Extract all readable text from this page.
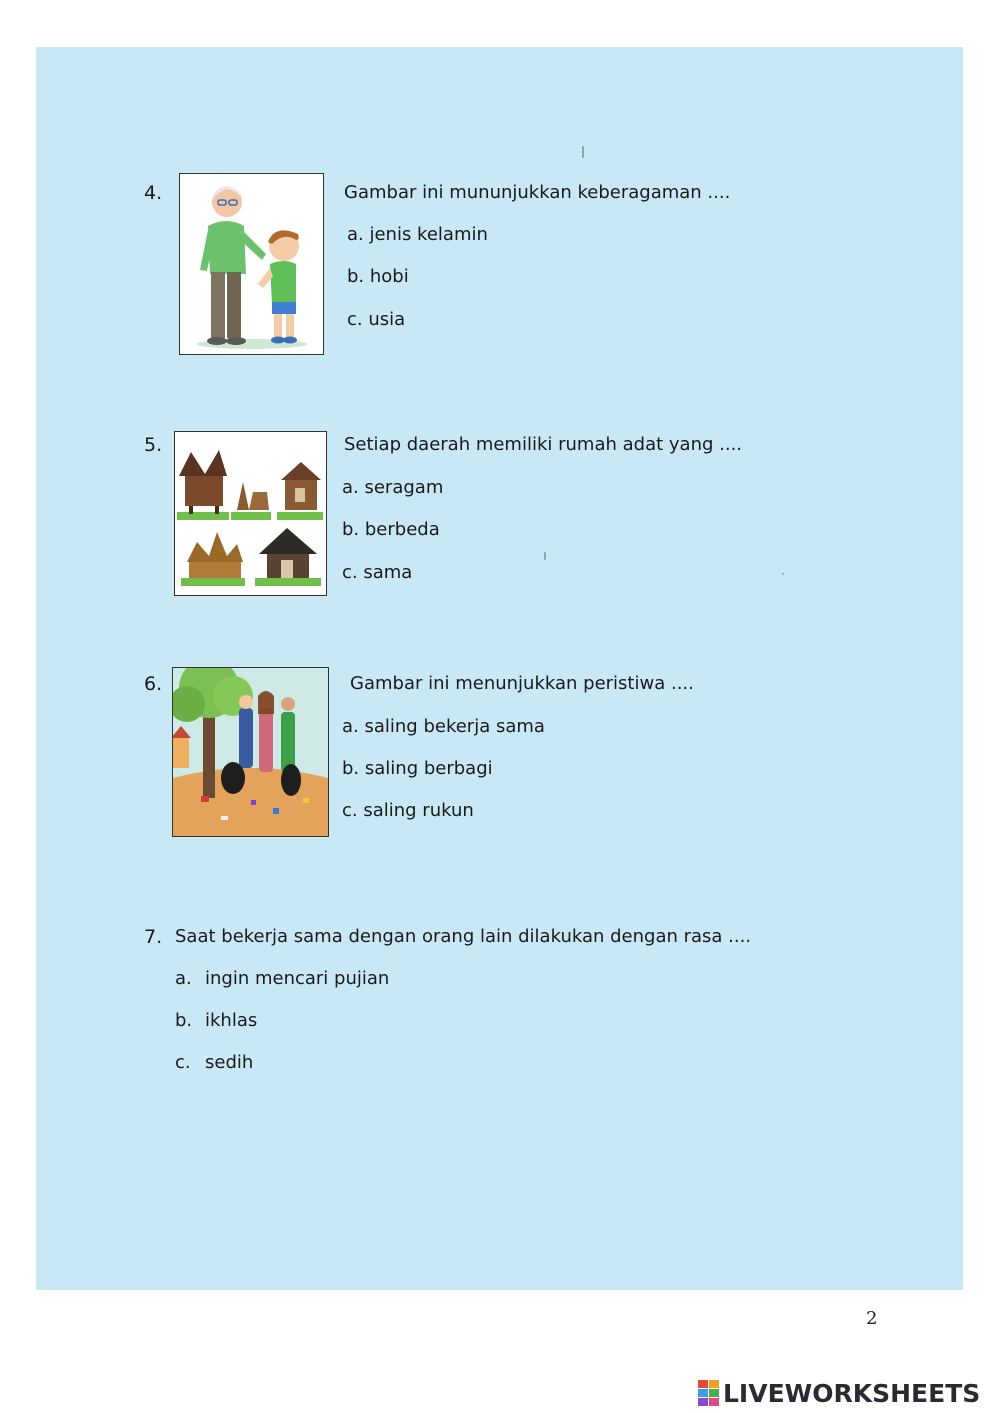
4.	Gambar ini mununjukkan keberagaman ....
a. jenis kelamin
b. hobi
c. usia
5.	Setiap daerah memiliki rumah adat yang ....
a. seragam
b. berbeda
c. sama
6.	Gambar ini menunjukkan peristiwa ....
a. saling bekerja sama
b. saling berbagi
c. saling rukun
7. Saat bekerja sama dengan orang lain dilakukan dengan rasa ....
a. ingin mencari pujian
b. ikhlas
c. sedih
2
LIVEWORKSHEETS
